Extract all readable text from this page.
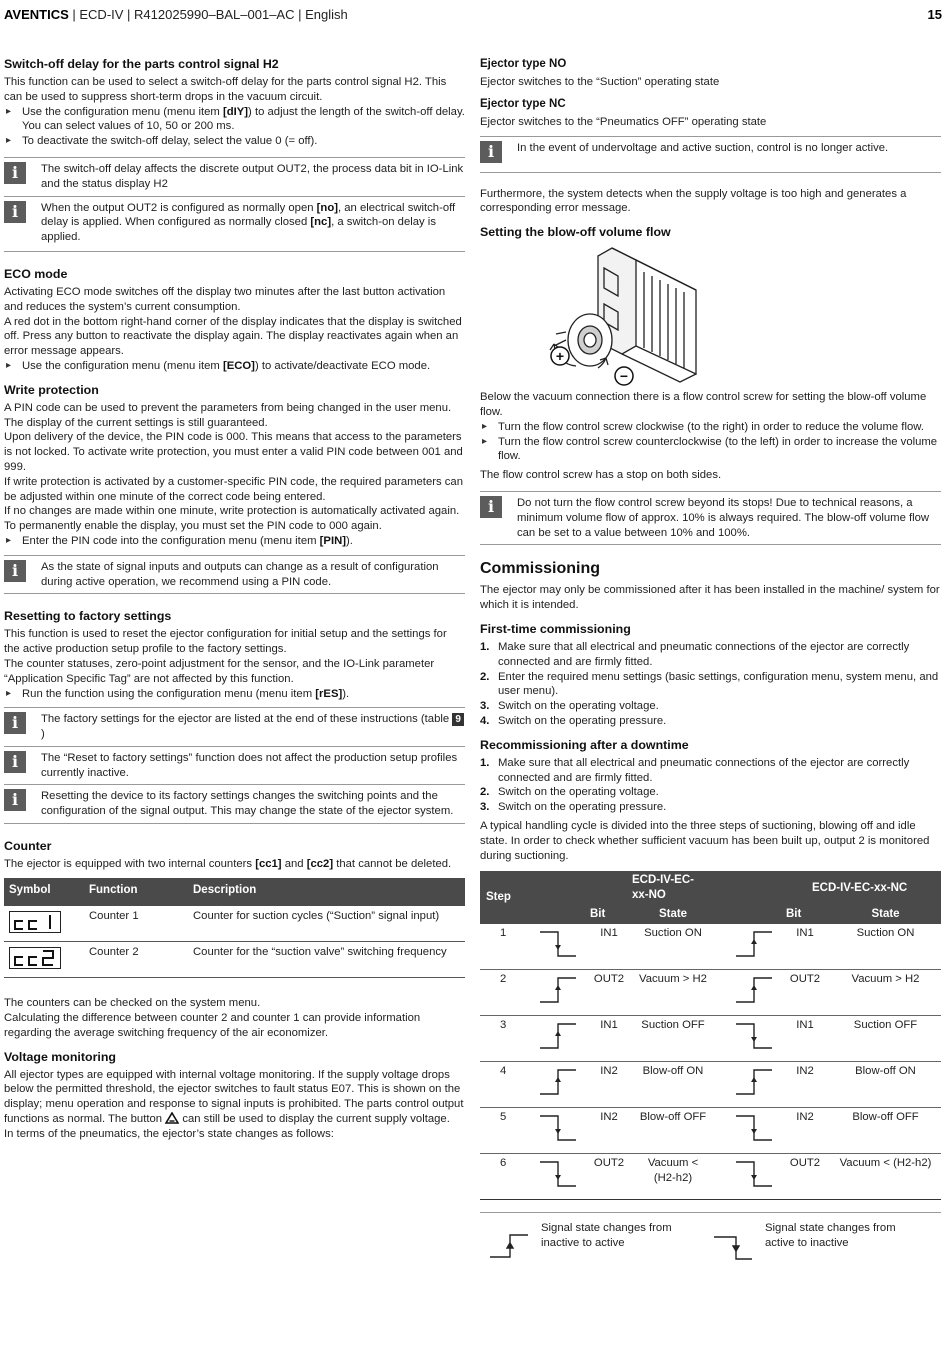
AVENTICS | ECD-IV | R412025990–BAL–001–AC | English	15
Switch-off delay for the parts control signal H2

This function can be used to select a switch-off delay for the parts control signal H2. This can be used to suppress short-term drops in the vacuum circuit.

▸ Use the configuration menu (menu item [dIY]) to adjust the length of the switch-off delay.
You can select values of 10, 50 or 200 ms.
▸ To deactivate the switch-off delay, select the value 0 (= off).
i	The switch-off delay affects the discrete output OUT2, the process data bit in IO-Link and the status display H2
i	When the output OUT2 is configured as normally open [no], an electrical switch-off delay is applied. When configured as normally closed [nc], a switch-on delay is applied.
ECO mode

Activating ECO mode switches off the display two minutes after the last button activation and reduces the system’s current consumption.

A red dot in the bottom right-hand corner of the display indicates that the display is switched off. Press any button to reactivate the display again. The display reactivates again when an error message appears.

▸ Use the configuration menu (menu item [ECO]) to activate/deactivate ECO mode.
Write protection

A PIN code can be used to prevent the parameters from being changed in the user menu. The display of the current settings is still guaranteed.

Upon delivery of the device, the PIN code is 000. This means that access to the parameters is not locked. To activate write protection, you must enter a valid PIN code between 001 and 999.

If write protection is activated by a customer-specific PIN code, the required parameters can be adjusted within one minute of the correct code being entered.

If no changes are made within one minute, write protection is automatically activated again. To permanently enable the display, you must set the PIN code to 000 again.

▸ Enter the PIN code into the configuration menu (menu item [PIN]).
i	As the state of signal inputs and outputs can change as a result of configuration during active operation, we recommend using a PIN code.
Resetting to factory settings

This function is used to reset the ejector configuration for initial setup and the settings for the active production setup profile to the factory settings.

The counter statuses, zero-point adjustment for the sensor, and the IO-Link parameter “Application Specific Tag” are not affected by this function.

▸ Run the function using the configuration menu (menu item [rES]).
i	The factory settings for the ejector are listed at the end of these instructions (table 9)
i	The “Reset to factory settings” function does not affect the production setup profiles currently inactive.
i	Resetting the device to its factory settings changes the switching points and the configuration of the signal output. This may change the state of the ejector system.
Counter

The ejector is equipped with two internal counters [cc1] and [cc2] that cannot be deleted.

Symbol	Function	Description

	Counter 1	Counter for suction cycles (“Suction” signal input)

	Counter 2	Counter for the “suction valve” switching frequency

The counters can be checked on the system menu.

Calculating the difference between counter 2 and counter 1 can provide information regarding the average switching frequency of the air economizer.

Voltage monitoring

All ejector types are equipped with internal voltage monitoring. If the supply voltage drops below the permitted threshold, the ejector switches to fault status E07. This is shown on the display; menu operation and response to signal inputs is prohibited. The parts control output functions as normal. The button
can still be used to display the current supply voltage.

In terms of the pneumatics, the ejector’s state changes as follows:

Ejector type NO

Ejector switches to the “Suction” operating state

Ejector type NC

Ejector switches to the “Pneumatics OFF” operating state

i	In the event of undervoltage and active suction, control is no longer active.

Furthermore, the system detects when the supply voltage is too high and generates a corresponding error message.

Setting the blow-off volume flow
+
−

Below the vacuum connection there is a flow control screw for setting the blow-off volume flow.

▸ Turn the flow control screw clockwise (to the right) in order to reduce the volume flow.
▸ Turn the flow control screw counterclockwise (to the left) in order to increase the volume flow.

The flow control screw has a stop on both sides.

i	Do not turn the flow control screw beyond its stops! Due to technical reasons, a minimum volume flow of approx. 10% is always required. The blow-off volume flow can be set to a value between 10% and 100%.
Commissioning

The ejector may only be commissioned after it has been installed in the machine/ system for which it is intended.

First-time commissioning
1. Make sure that all electrical and pneumatic connections of the ejector are correctly connected and are firmly fitted.
2. Enter the required menu settings (basic settings, configuration menu, system menu, and user menu).
3. Switch on the operating voltage.
4. Switch on the operating pressure.
Recommissioning after a downtime
1. Make sure that all electrical and pneumatic connections of the ejector are correctly connected and are firmly fitted.
2. Switch on the operating voltage.
3. Switch on the operating pressure.

A typical handling cycle is divided into the three steps of suctioning, blowing off and idle state. In order to check whether sufficient vacuum has been built up, output 2 is monitored during suctioning.

Step	ECD-IV-EC-xx-NO			ECD-IV-EC-xx-NC		
		Bit	State		Bit	State
1		IN1	Suction ON		IN1	Suction ON
2		OUT2	Vacuum > H2		OUT2	Vacuum > H2
3		IN1	Suction OFF		IN1	Suction OFF
4		IN2	Blow-off ON		IN2	Blow-off ON
5		IN2	Blow-off OFF		IN2	Blow-off OFF
6		OUT2	Vacuum < (H2-h2)		OUT2	Vacuum < (H2-h2)
Signal state changes from inactive to active
Signal state changes from active to inactive
